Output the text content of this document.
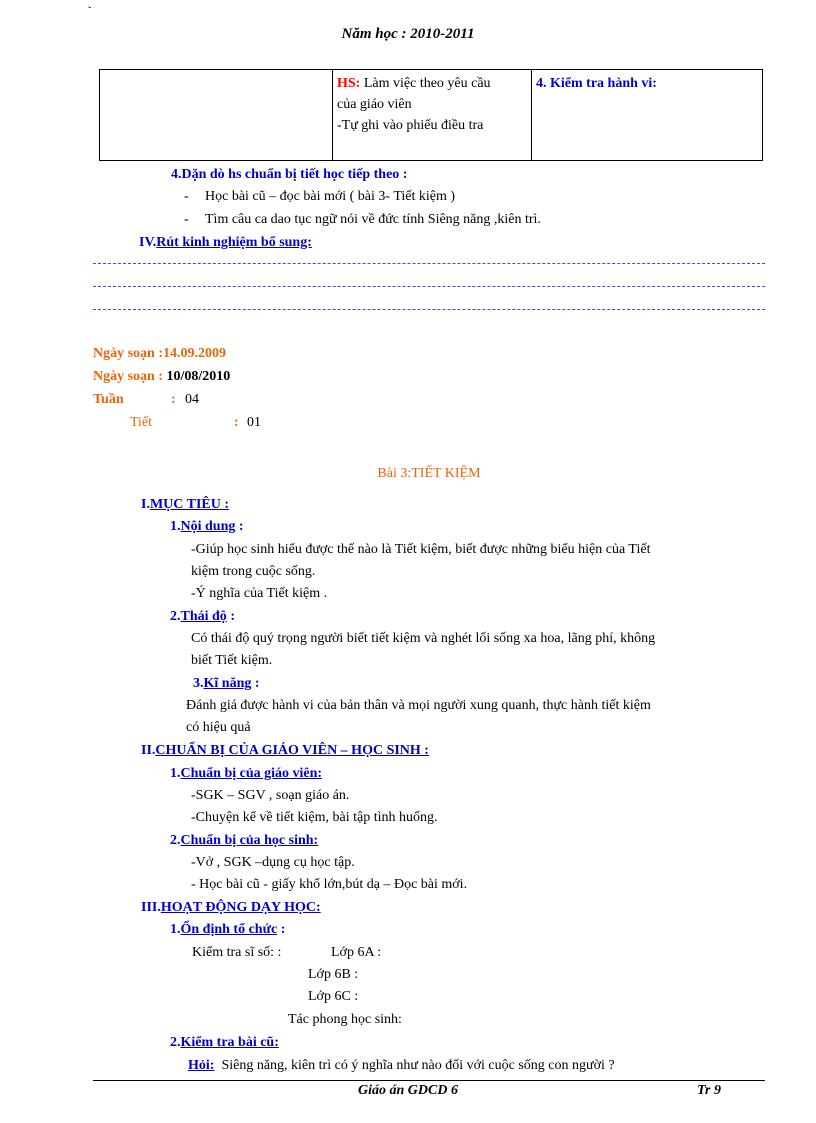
ˇ
Năm học : 2010-2011

HS: Làm việc theo yêu cầu
của giáo viên
-Tự ghi vào phiếu điều tra

4. Kiểm tra hành vi:
4.Dặn dò hs chuẩn bị tiết học tiếp theo :
- Học bài cũ – đọc bài mới ( bài 3- Tiết kiệm )
- Tìm câu ca dao tục ngữ nói về đức tính Siêng năng ,kiên trì.
IV.Rút kinh nghiệm bổ sung:
Ngày soạn :14.09.2009
Ngày soạn : 10/08/2010
Tuần	: 04
Tiết	: 01
Bài 3:TIẾT KIỆM
I.MỤC TIÊU :
1.Nội dung :
-Giúp học sinh hiểu được thế nào là Tiết kiệm, biết được những biểu hiện của Tiết
kiệm trong cuộc sống.
-Ý nghĩa của Tiết kiệm .
2.Thái độ :
Có thái độ quý trọng người biết tiết kiệm và nghét lối sống xa hoa, lãng phí, không
biết Tiết kiệm.
3.Kĩ năng :
Đánh giá được hành vi của bản thân và mọi người xung quanh, thực hành tiết kiệm
có hiệu quả
II.CHUẨN BỊ CỦA GIÁO VIÊN – HỌC SINH :
1.Chuẩn bị của giáo viên:
-SGK – SGV , soạn giáo án.
-Chuyện kể về tiết kiệm, bài tập tình huống.
2.Chuẩn bị của học sinh:
-Vở , SGK –dụng cụ học tập.
- Học bài cũ - giấy khổ lớn,bút dạ – Đọc bài mới.
III.HOẠT ĐỘNG DẠY HỌC:
1.Ổn định tổ chức :
Kiểm tra sĩ số: :	Lớp 6A :
Lớp 6B :
Lớp 6C :
Tác phong học sinh:
2.Kiểm tra bài cũ:
Hỏi: Siêng năng, kiên trì có ý nghĩa như nào đối với cuộc sống con người ?
Giáo án GDCD 6	Tr 9
